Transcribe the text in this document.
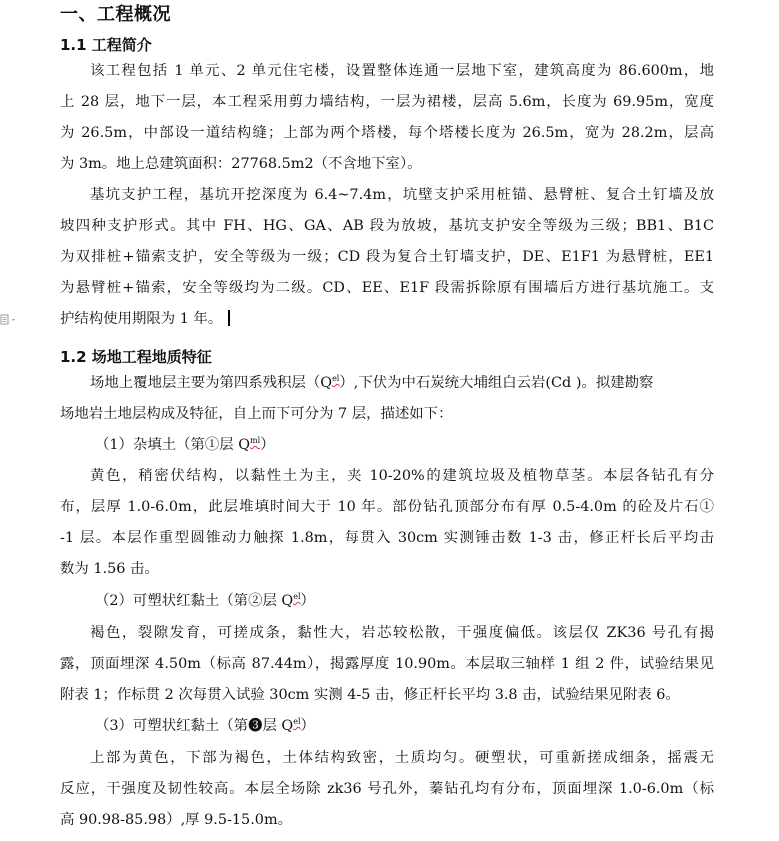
一、工程概况
1.1 工程简介
该工程包括 1 单元、2 单元住宅楼，设置整体连通一层地下室，建筑高度为 86.600m，地
上 28 层，地下一层，本工程采用剪力墙结构，一层为裙楼，层高 5.6m，长度为 69.95m，宽度
为 26.5m，中部设一道结构缝；上部为两个塔楼，每个塔楼长度为 26.5m，宽为 28.2m，层高
为 3m。地上总建筑面积：27768.5m2（不含地下室）。
基坑支护工程，基坑开挖深度为 6.4~7.4m，坑壁支护采用桩锚、悬臂桩、复合土钉墙及放
坡四种支护形式。其中 FH、HG、GA、AB 段为放坡，基坑支护安全等级为三级；BB1、B1C
为双排桩+锚索支护，安全等级为一级；CD 段为复合土钉墙支护，DE、E1F1 为悬臂桩，EE1
为悬臂桩+锚索，安全等级均为二级。CD、EE、E1F 段需拆除原有围墙后方进行基坑施工。支
护结构使用期限为 1 年。
1.2 场地工程地质特征
场地上覆地层主要为第四系残积层$(Q^{el})$,下伏为中石炭统大埔组白云岩(Cd )。拟建勘察
场地岩土地层构成及特征，自上而下可分为 7 层，描述如下：
（1）杂填土（第①层 $Q^{ml}$）
黄色，稍密伏结构，以黏性土为主，夹 10-20%的建筑垃圾及植物草茎。本层各钻孔有分
布，层厚 1.0-6.0m，此层堆填时间大于 10 年。部份钻孔顶部分布有厚 0.5-4.0m 的砼及片石①
-1 层。本层作重型圆锥动力触探 1.8m，每贯入 30cm 实测锤击数 1-3 击，修正杆长后平均击
数为 1.56 击。
（2）可塑状红黏土（第②层 $Q^{el}$）
褐色，裂隙发育，可搓成条，黏性大，岩芯较松散，干强度偏低。该层仅 ZK36 号孔有揭
露，顶面埋深 4.50m（标高 87.44m），揭露厚度 10.90m。本层取三轴样 1 组 2 件，试验结果见
附表 1；作标贯 2 次每贯入试验 30cm 实测 4-5 击，修正杆长平均 3.8 击，试验结果见附表 6。
（3）可塑状红黏土（第❸层 $Q^{el}$）
上部为黄色，下部为褐色，土体结构致密，土质均匀。硬塑状，可重新搓成细条，摇震无
反应，干强度及韧性较高。本层全场除 zk36 号孔外，蓁钻孔均有分布，顶面埋深 1.0-6.0m（标
高 90.98-85.98）,厚 9.5-15.0m。
